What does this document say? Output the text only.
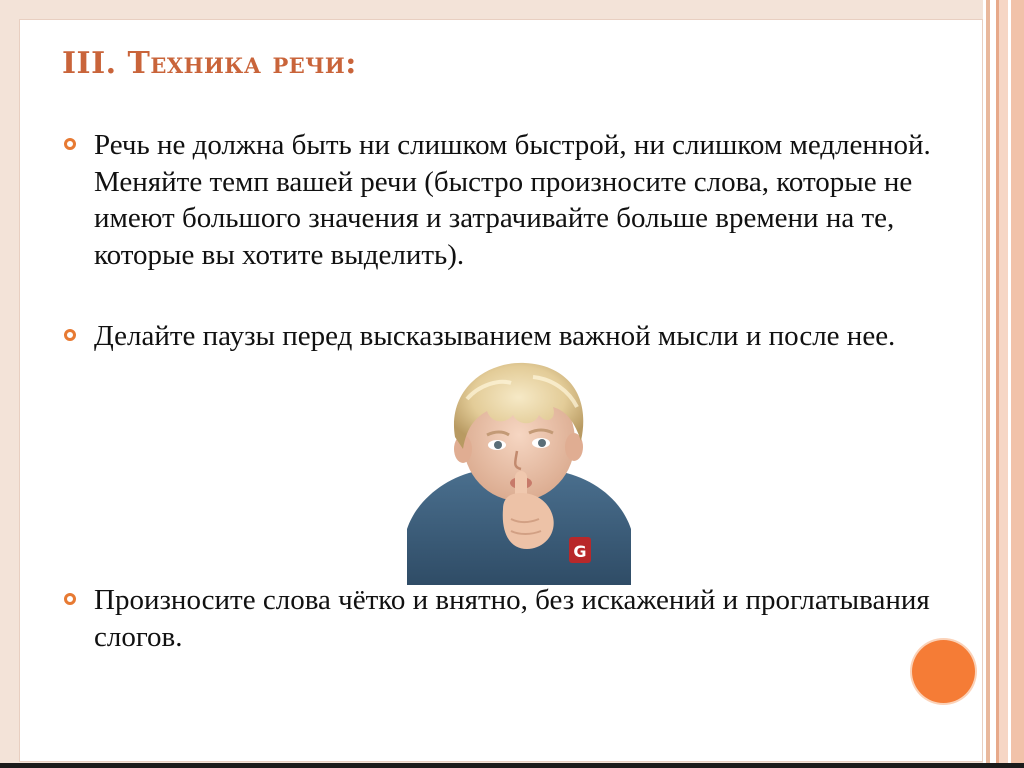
III. Техника речи:
Речь не должна быть ни слишком быстрой, ни слишком медленной. Меняйте темп вашей речи (быстро произносите слова, которые не имеют большого значения и затрачивайте больше времени на те, которые вы хотите выделить).
Делайте паузы перед высказыванием важной мысли и после нее.
G
Произносите слова чётко и внятно, без искажений и проглатывания слогов.
